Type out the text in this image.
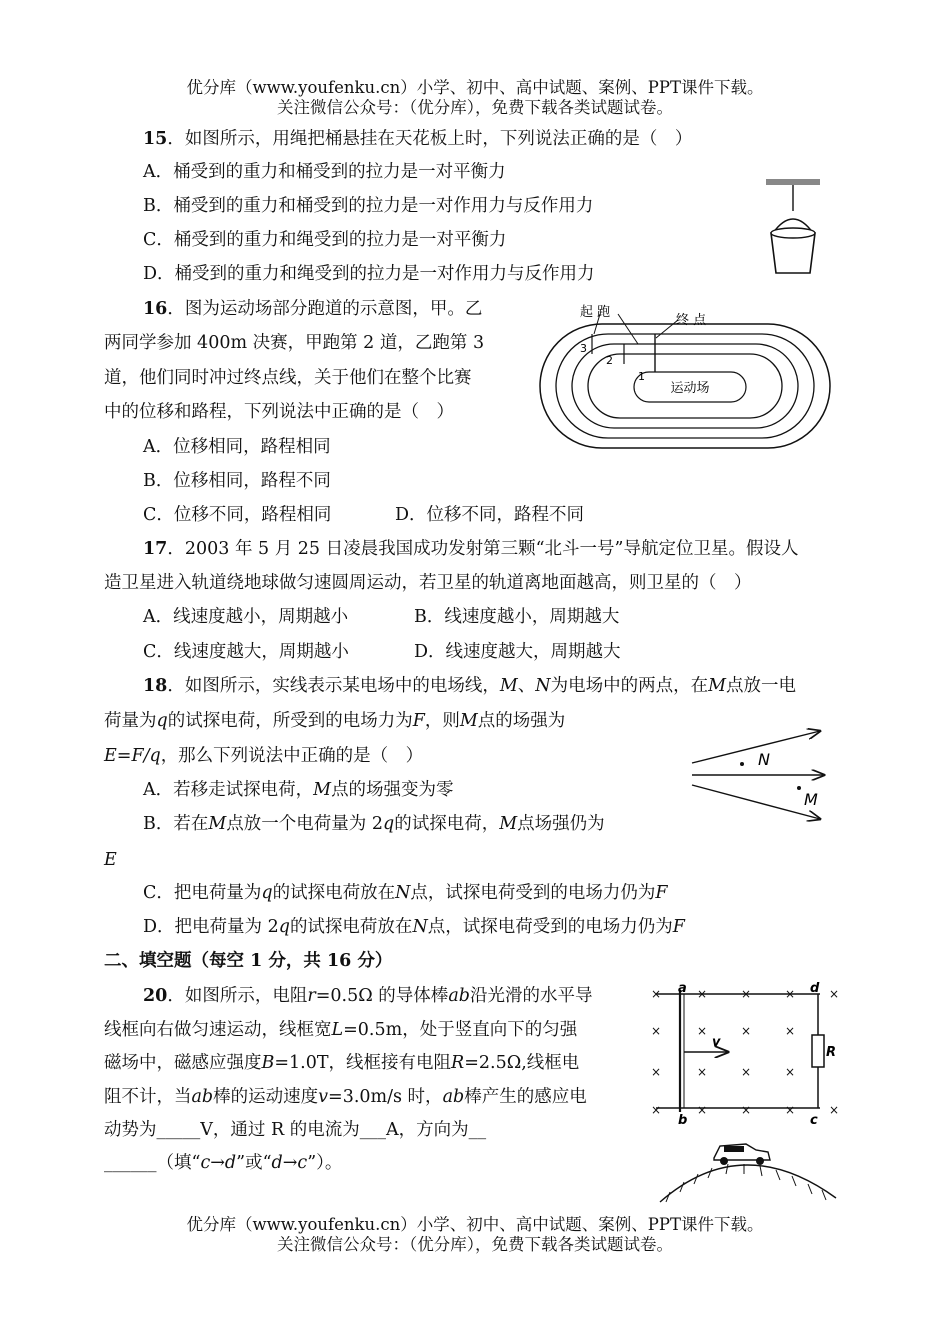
优分库（www.youfenku.cn）小学、初中、高中试题、案例、PPT课件下载。
关注微信公众号：（优分库），免费下载各类试题试卷。
15．如图所示，用绳把桶悬挂在天花板上时，下列说法正确的是（　）
A．桶受到的重力和桶受到的拉力是一对平衡力
B．桶受到的重力和桶受到的拉力是一对作用力与反作用力
C．桶受到的重力和绳受到的拉力是一对平衡力
D．桶受到的重力和绳受到的拉力是一对作用力与反作用力
16．图为运动场部分跑道的示意图，甲。乙
两同学参加 400m 决赛，甲跑第 2 道，乙跑第 3
道，他们同时冲过终点线，关于他们在整个比赛
中的位移和路程，下列说法中正确的是（　）
A．位移相同，路程相同
B．位移相同，路程不同
C．位移不同，路程相同	D．位移不同，路程不同
运动场
起 跑
终 点
3
2
1
17．2003 年 5 月 25 日凌晨我国成功发射第三颗“北斗一号”导航定位卫星。假设人
造卫星进入轨道绕地球做匀速圆周运动，若卫星的轨道离地面越高，则卫星的（　）
A．线速度越小，周期越小	B．线速度越小，周期越大
C．线速度越大，周期越小	D．线速度越大，周期越大
18．如图所示，实线表示某电场中的电场线，M、N为电场中的两点，在M点放一电
荷量为q的试探电荷，所受到的电场力为F，则M点的场强为
E=F/q，那么下列说法中正确的是（　）
A．若移走试探电荷，M点的场强变为零
B．若在M点放一个电荷量为 2q的试探电荷，M点场强仍为
E
C．把电荷量为q的试探电荷放在N点，试探电荷受到的电场力仍为F
D．把电荷量为 2q的试探电荷放在N点，试探电荷受到的电场力仍为F
N
M
二、填空题（每空 1 分，共 16 分）
20．如图所示，电阻r=0.5Ω 的导体棒ab沿光滑的水平导
线框向右做匀速运动，线框宽L=0.5m，处于竖直向下的匀强
磁场中，磁感应强度B=1.0T，线框接有电阻R=2.5Ω,线框电
阻不计，当ab棒的运动速度v=3.0m/s 时，ab棒产生的感应电
动势为_____V，通过 R 的电流为___A，方向为__
______（填“c→d”或“d→c”）。
×	×	×	×	×
×	×	×	×
×	×	×	×
×	×	×	×	×
v
R
a
b	c
d
优分库（www.youfenku.cn）小学、初中、高中试题、案例、PPT课件下载。
关注微信公众号：（优分库），免费下载各类试题试卷。
